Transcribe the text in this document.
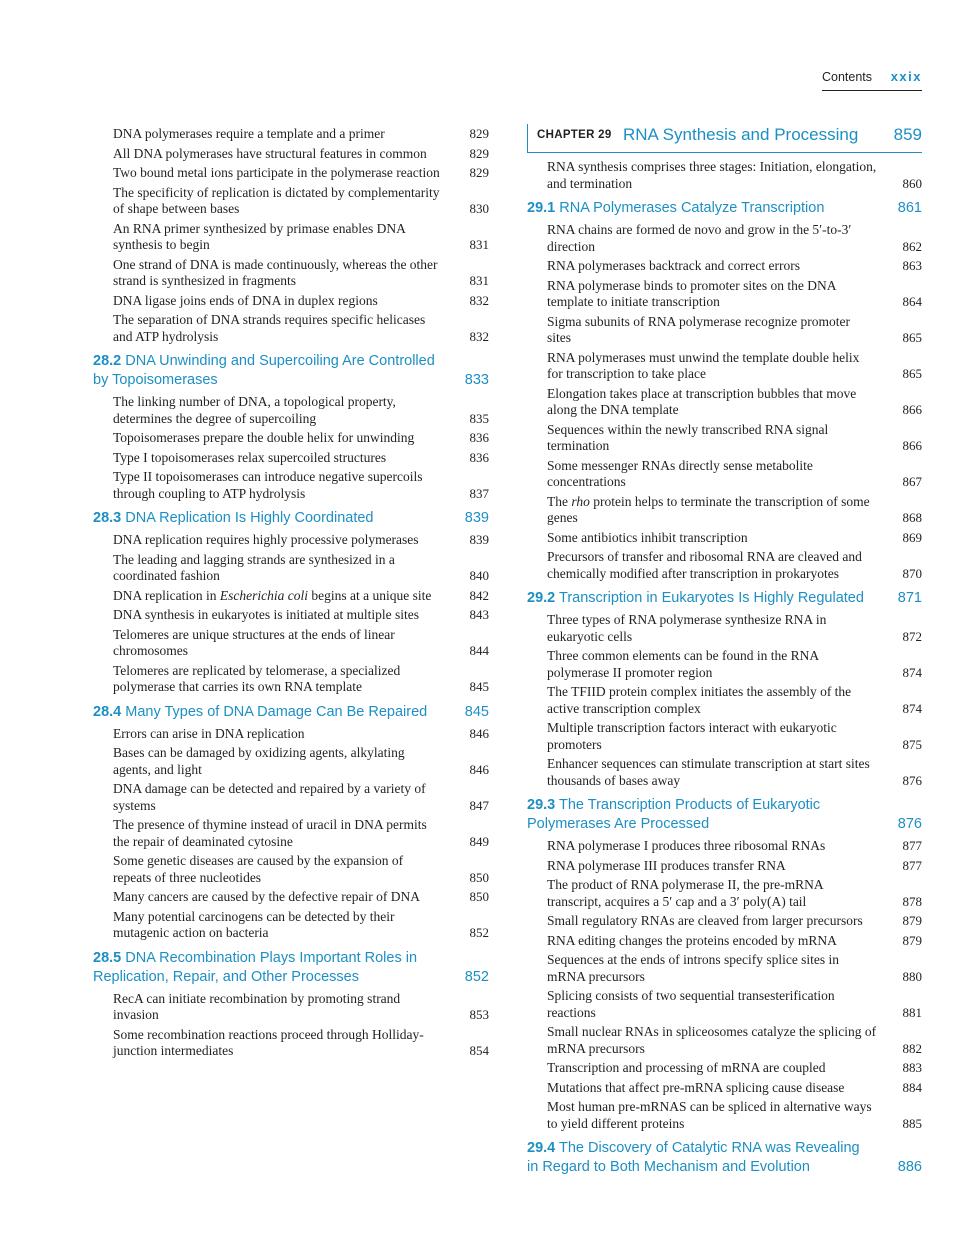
Contents xxix
DNA polymerases require a template and a primer	829
All DNA polymerases have structural features in common	829
Two bound metal ions participate in the polymerase reaction 829
The specificity of replication is dictated by complementarity of shape between bases	830
An RNA primer synthesized by primase enables DNA synthesis to begin	831
One strand of DNA is made continuously, whereas the other strand is synthesized in fragments	831
DNA ligase joins ends of DNA in duplex regions	832
The separation of DNA strands requires specific helicases and ATP hydrolysis	832
28.2 DNA Unwinding and Supercoiling Are Controlled by Topoisomerases	833
The linking number of DNA, a topological property, determines the degree of supercoiling	835
Topoisomerases prepare the double helix for unwinding	836
Type I topoisomerases relax supercoiled structures	836
Type II topoisomerases can introduce negative supercoils through coupling to ATP hydrolysis	837
28.3 DNA Replication Is Highly Coordinated	839
DNA replication requires highly processive polymerases	839
The leading and lagging strands are synthesized in a coordinated fashion	840
DNA replication in Escherichia coli begins at a unique site	842
DNA synthesis in eukaryotes is initiated at multiple sites	843
Telomeres are unique structures at the ends of linear chromosomes	844
Telomeres are replicated by telomerase, a specialized polymerase that carries its own RNA template	845
28.4 Many Types of DNA Damage Can Be Repaired	845
Errors can arise in DNA replication	846
Bases can be damaged by oxidizing agents, alkylating agents, and light	846
DNA damage can be detected and repaired by a variety of systems	847
The presence of thymine instead of uracil in DNA permits the repair of deaminated cytosine	849
Some genetic diseases are caused by the expansion of repeats of three nucleotides	850
Many cancers are caused by the defective repair of DNA	850
Many potential carcinogens can be detected by their mutagenic action on bacteria	852
28.5 DNA Recombination Plays Important Roles in Replication, Repair, and Other Processes	852
RecA can initiate recombination by promoting strand invasion	853
Some recombination reactions proceed through Holliday-junction intermediates	854
CHAPTER 29 RNA Synthesis and Processing 859
RNA synthesis comprises three stages: Initiation, elongation, and termination	860
29.1 RNA Polymerases Catalyze Transcription	861
RNA chains are formed de novo and grow in the 5′-to-3′ direction	862
RNA polymerases backtrack and correct errors	863
RNA polymerase binds to promoter sites on the DNA template to initiate transcription	864
Sigma subunits of RNA polymerase recognize promoter sites	865
RNA polymerases must unwind the template double helix for transcription to take place	865
Elongation takes place at transcription bubbles that move along the DNA template	866
Sequences within the newly transcribed RNA signal termination	866
Some messenger RNAs directly sense metabolite concentrations	867
The rho protein helps to terminate the transcription of some genes	868
Some antibiotics inhibit transcription	869
Precursors of transfer and ribosomal RNA are cleaved and chemically modified after transcription in prokaryotes	870
29.2 Transcription in Eukaryotes Is Highly Regulated	871
Three types of RNA polymerase synthesize RNA in eukaryotic cells	872
Three common elements can be found in the RNA polymerase II promoter region	874
The TFIID protein complex initiates the assembly of the active transcription complex	874
Multiple transcription factors interact with eukaryotic promoters	875
Enhancer sequences can stimulate transcription at start sites thousands of bases away	876
29.3 The Transcription Products of Eukaryotic Polymerases Are Processed	876
RNA polymerase I produces three ribosomal RNAs	877
RNA polymerase III produces transfer RNA	877
The product of RNA polymerase II, the pre-mRNA transcript, acquires a 5′ cap and a 3′ poly(A) tail	878
Small regulatory RNAs are cleaved from larger precursors	879
RNA editing changes the proteins encoded by mRNA	879
Sequences at the ends of introns specify splice sites in mRNA precursors	880
Splicing consists of two sequential transesterification reactions	881
Small nuclear RNAs in spliceosomes catalyze the splicing of mRNA precursors	882
Transcription and processing of mRNA are coupled	883
Mutations that affect pre-mRNA splicing cause disease	884
Most human pre-mRNAS can be spliced in alternative ways to yield different proteins	885
29.4 The Discovery of Catalytic RNA was Revealing in Regard to Both Mechanism and Evolution	886
